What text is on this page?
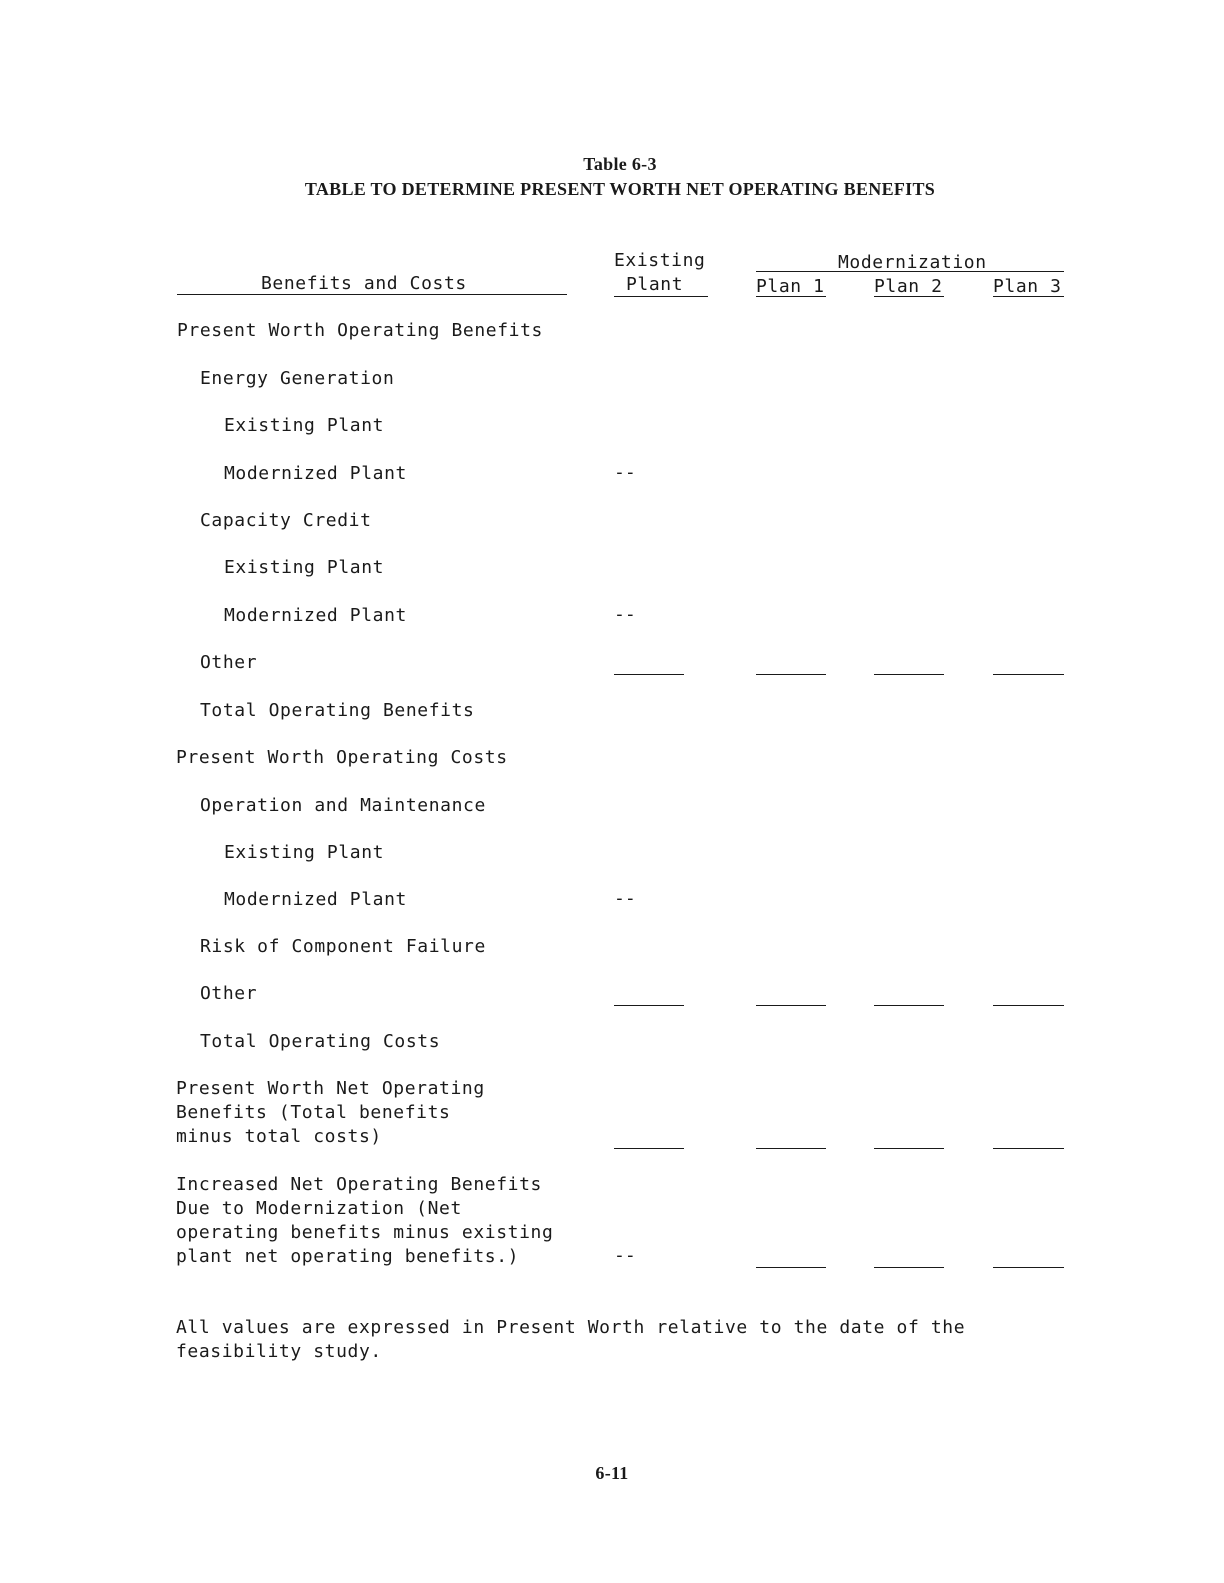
Table 6-3
TABLE TO DETERMINE PRESENT WORTH NET OPERATING BENEFITS
Existing
Plant
Modernization
Plan 1	Plan 2	Plan 3
Benefits and Costs
Present Worth Operating Benefits
Energy Generation
Existing Plant
Modernized Plant
Capacity Credit
Existing Plant
Modernized Plant
Other
Total Operating Benefits
Present Worth Operating Costs
Operation and Maintenance
Existing Plant
Modernized Plant
Risk of Component Failure
Other
Total Operating Costs
Present Worth Net Operating
Benefits (Total benefits
minus total costs)
Increased Net Operating Benefits
Due to Modernization (Net
operating benefits minus existing
plant net operating benefits.)
--
--
--
--
All values are expressed in Present Worth relative to the date of the
feasibility study.
6-11
